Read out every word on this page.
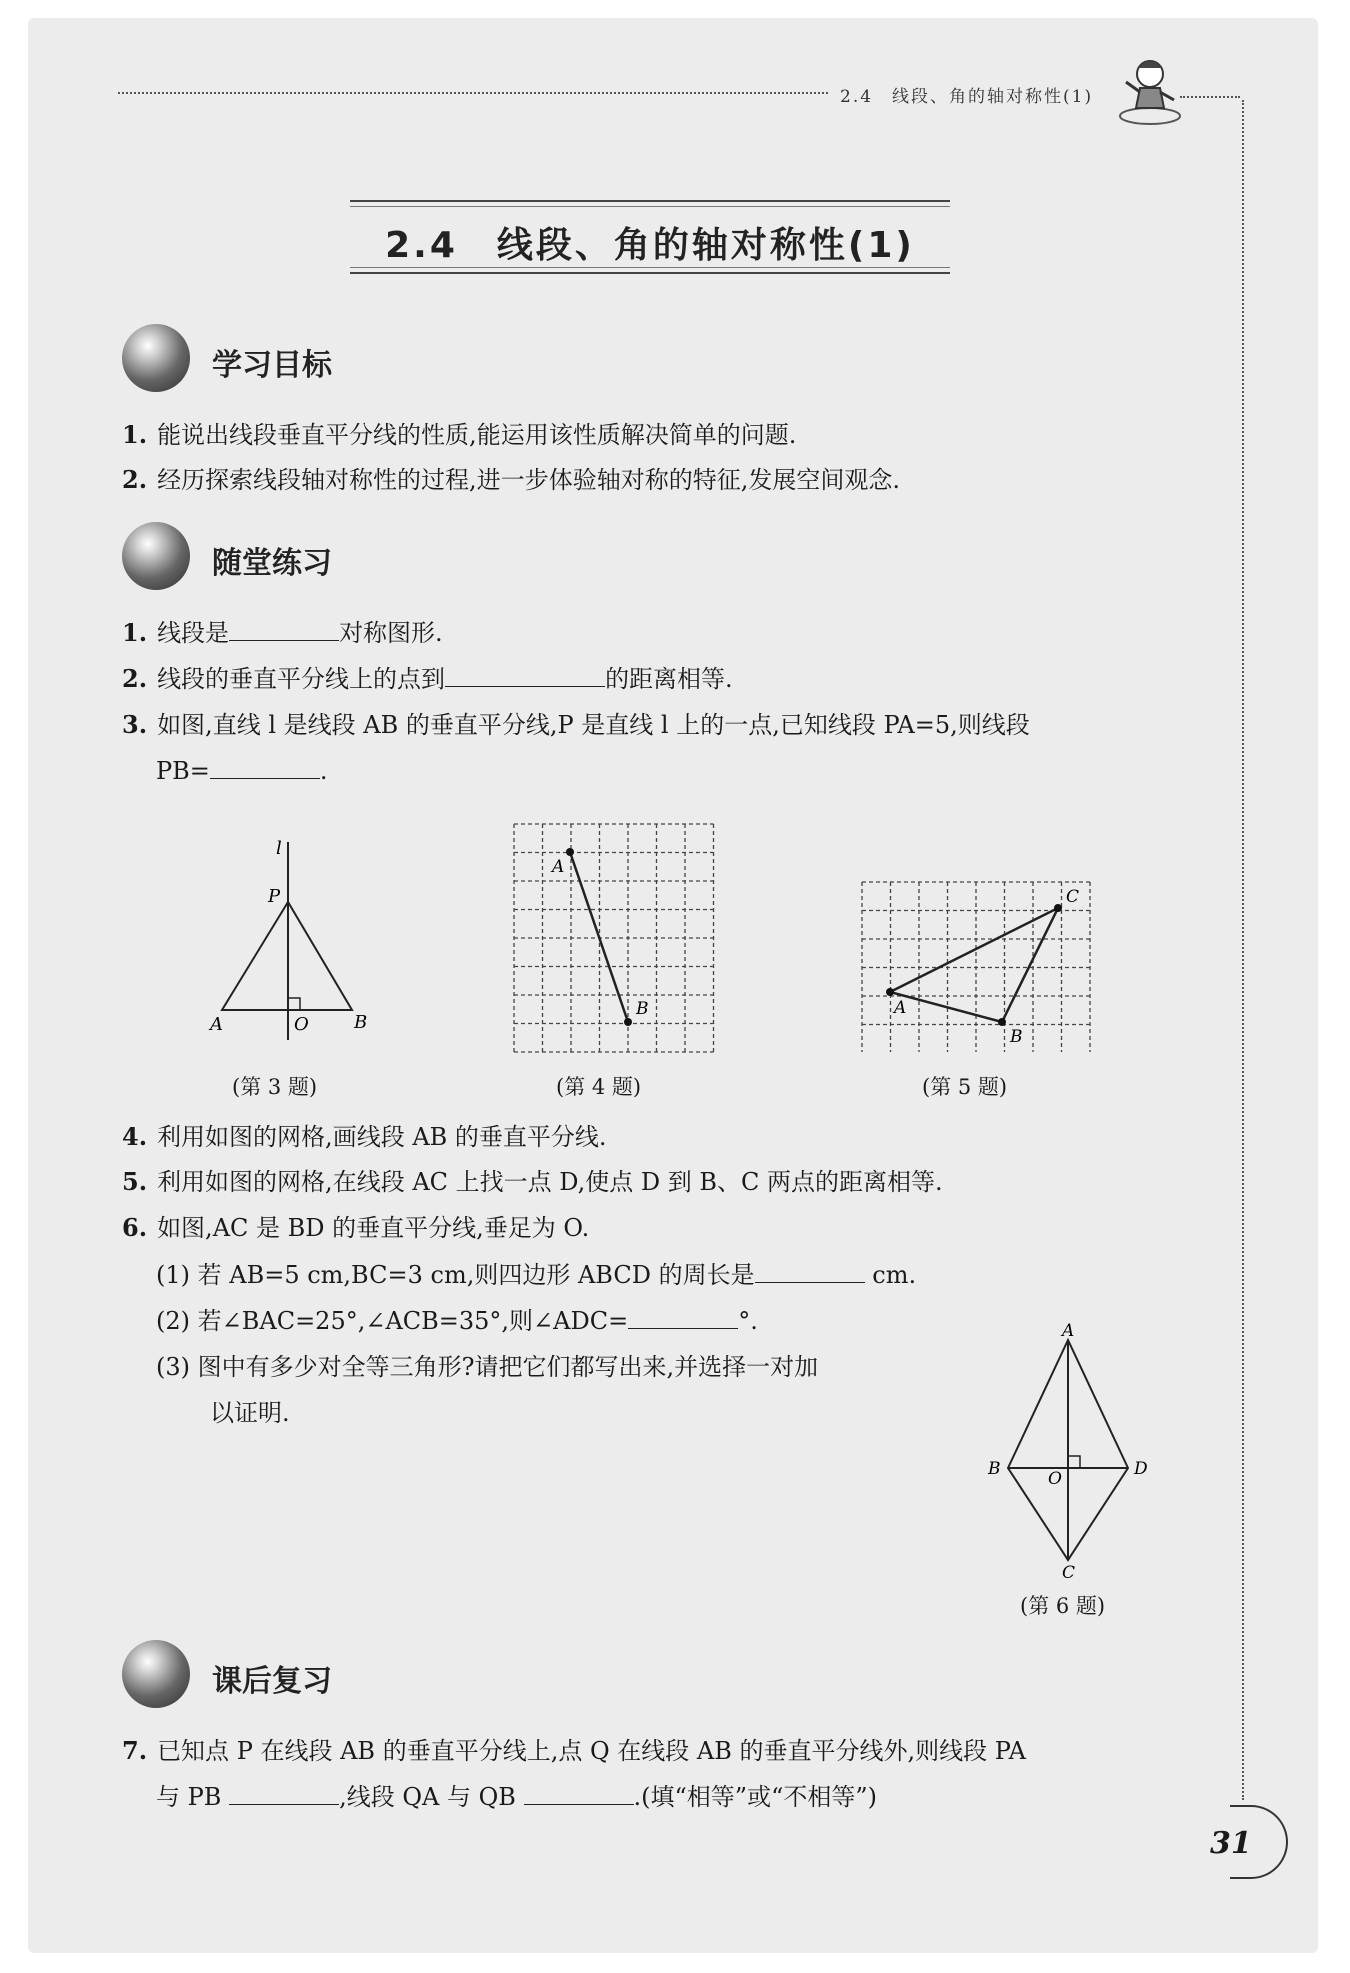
2.4　线段、角的轴对称性(1)
2.4　线段、角的轴对称性(1)
学习目标
1. 能说出线段垂直平分线的性质,能运用该性质解决简单的问题.
2. 经历探索线段轴对称性的过程,进一步体验轴对称的特征,发展空间观念.
随堂练习
1. 线段是	对称图形.
2. 线段的垂直平分线上的点到	的距离相等.
3. 如图,直线 l 是线段 AB 的垂直平分线,P 是直线 l 上的一点,已知线段 PA=5,则线段
PB=	.
l
P
A	O	B
A
B
C
A
B
(第 3 题)	(第 4 题)	(第 5 题)
4. 利用如图的网格,画线段 AB 的垂直平分线.
5. 利用如图的网格,在线段 AC 上找一点 D,使点 D 到 B、C 两点的距离相等.
6. 如图,AC 是 BD 的垂直平分线,垂足为 O.
(1) 若 AB=5 cm,BC=3 cm,则四边形 ABCD 的周长是	cm.
(2) 若∠BAC=25°,∠ACB=35°,则∠ADC=	°.
(3) 图中有多少对全等三角形?请把它们都写出来,并选择一对加
以证明.
A
B	O	D
C
(第 6 题)
课后复习
7. 已知点 P 在线段 AB 的垂直平分线上,点 Q 在线段 AB 的垂直平分线外,则线段 PA
与 PB	,线段 QA 与 QB	.(填“相等”或“不相等”)
31
